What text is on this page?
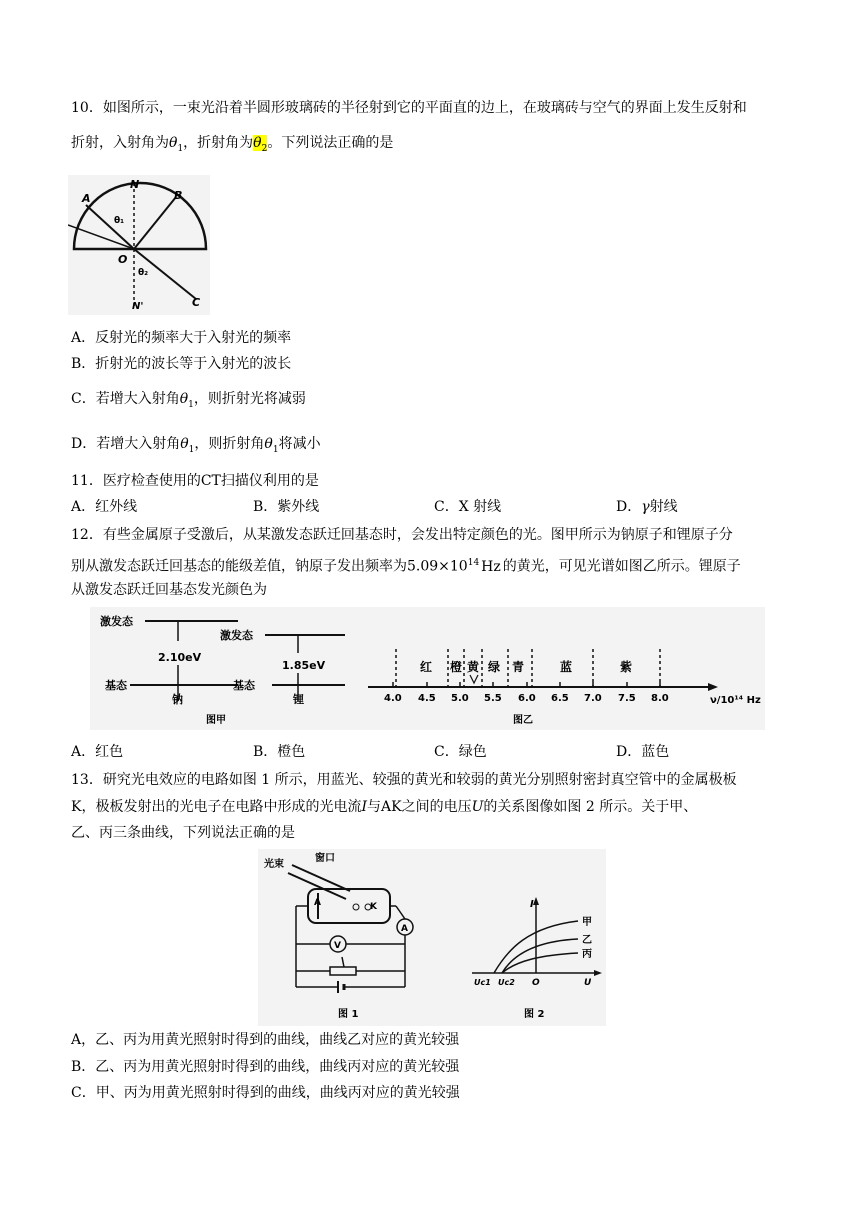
10．如图所示，一束光沿着半圆形玻璃砖的半径射到它的平面直的边上，在玻璃砖与空气的界面上发生反射和
折射，入射角为$\theta_1$，折射角为$\theta_2$。下列说法正确的是
A
N
B
O
θ₁
θ₂
N'	C
A．反射光的频率大于入射光的频率
B．折射光的波长等于入射光的波长
C．若增大入射角$\theta_1$，则折射光将减弱
D．若增大入射角$\theta_1$，则折射角$\theta_1$将减小
11．医疗检查使用的CT扫描仪利用的是
A．红外线	B．紫外线	C．X 射线	D．γ射线
12．有些金属原子受激后，从某激发态跃迁回基态时，会发出特定颜色的光。图甲所示为钠原子和锂原子分
别从激发态跃迁回基态的能级差值，钠原子发出频率为$5.09\times 10^{14}$ Hz 的黄光，可见光谱如图乙所示。锂原子
从激发态跃迁回基态发光颜色为
激发态
激发态
2.10eV
1.85eV
基态	基态
钠	锂
图甲
ν/10¹⁴ Hz
图乙
4.0 4.5 5.0 5.5 6.0 6.5 7.0 7.5 8.0
红 橙 黄 绿 青	蓝	紫
A．红色	B．橙色	C．绿色	D．蓝色
13．研究光电效应的电路如图 1 所示，用蓝光、较强的黄光和较弱的黄光分别照射密封真空管中的金属极板
K，极板发射出的光电子在电路中形成的光电流I与AK之间的电压U的关系图像如图 2 所示。关于甲、
乙、丙三条曲线，下列说法正确的是
光束
窗口
A	K
A
V
图 1
I
甲
乙
丙
Uc1 Uc2 O	U
图 2
A，乙、丙为用黄光照射时得到的曲线，曲线乙对应的黄光较强
B．乙、丙为用黄光照射时得到的曲线，曲线丙对应的黄光较强
C．甲、丙为用黄光照射时得到的曲线，曲线丙对应的黄光较强
